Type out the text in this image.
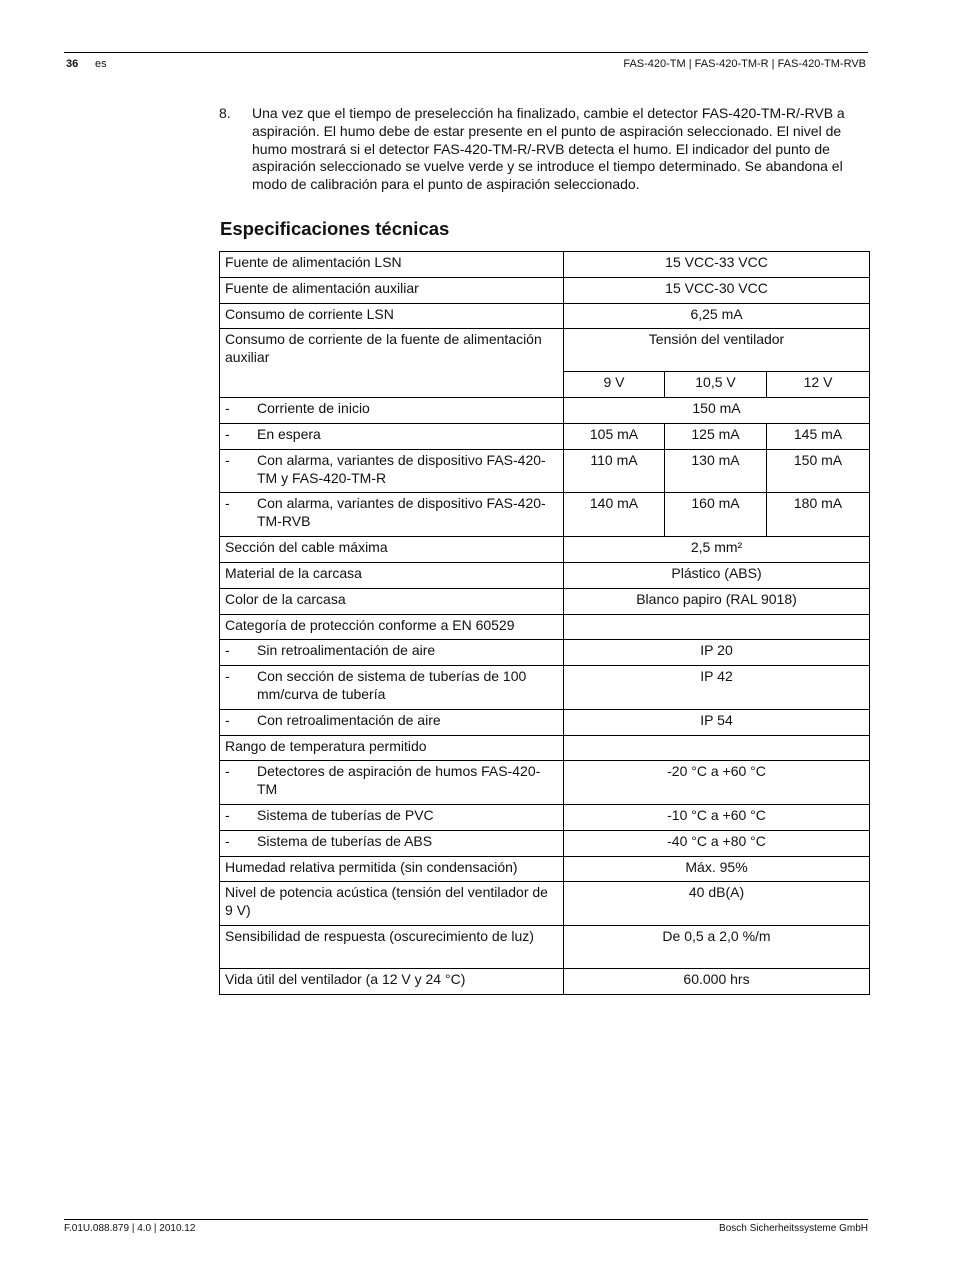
36 es	FAS-420-TM | FAS-420-TM-R | FAS-420-TM-RVB
8. Una vez que el tiempo de preselección ha finalizado, cambie el detector FAS-420-TM-R/-RVB a aspiración. El humo debe de estar presente en el punto de aspiración seleccionado. El nivel de humo mostrará si el detector FAS-420-TM-R/-RVB detecta el humo. El indicador del punto de aspiración seleccionado se vuelve verde y se introduce el tiempo determinado. Se abandona el modo de calibración para el punto de aspiración seleccionado.
Especificaciones técnicas
Fuente de alimentación LSN	15 VCC-33 VCC		
Fuente de alimentación auxiliar	15 VCC-30 VCC		
Consumo de corriente LSN	6,25 mA		
Consumo de corriente de la fuente de alimentación auxiliar	Tensión del ventilador		
	9 V	10,5 V	12 V

- Corriente de inicio	150 mA		

- En espera	105 mA	125 mA	145 mA

- Con alarma, variantes de dispositivo FAS-420-TM y FAS-420-TM-R	110 mA	130 mA	150 mA

- Con alarma, variantes de dispositivo FAS-420-TM-RVB	140 mA	160 mA	180 mA
Sección del cable máxima	2,5 mm²		
Material de la carcasa	Plástico (ABS)		
Color de la carcasa	Blanco papiro (RAL 9018)		
Categoría de protección conforme a EN 60529			

- Sin retroalimentación de aire	IP 20		

- Con sección de sistema de tuberías de 100 mm/curva de tubería	IP 42		

- Con retroalimentación de aire	IP 54		
Rango de temperatura permitido			

- Detectores de aspiración de humos FAS-420-TM	-20 °C a +60 °C		

- Sistema de tuberías de PVC	-10 °C a +60 °C		

- Sistema de tuberías de ABS	-40 °C a +80 °C		
Humedad relativa permitida (sin condensación)	Máx. 95%		
Nivel de potencia acústica (tensión del ventilador de 9 V)	40 dB(A)		
Sensibilidad de respuesta (oscurecimiento de luz)	De 0,5 a 2,0 %/m		
Vida útil del ventilador (a 12 V y 24 °C)	60.000 hrs		
F.01U.088.879 | 4.0 | 2010.12	Bosch Sicherheitssysteme GmbH
